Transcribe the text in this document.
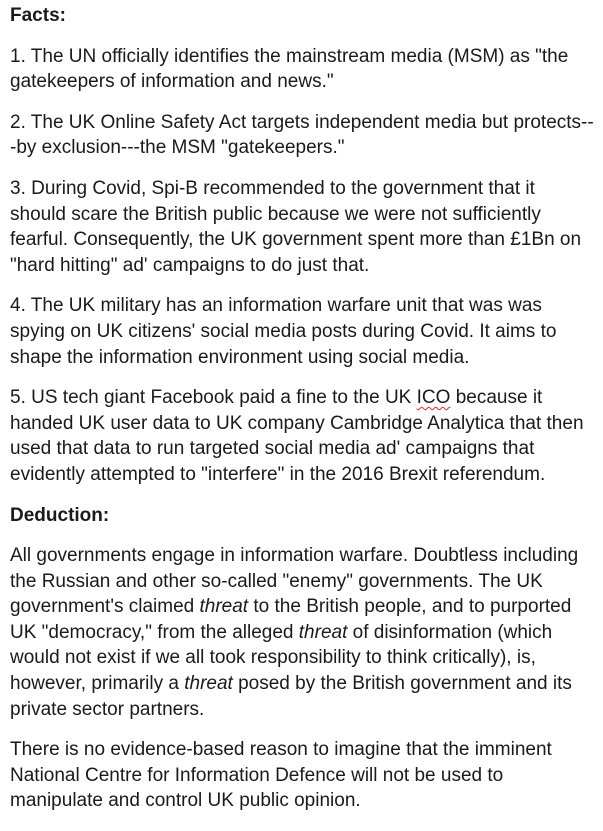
Facts:

1. The UN officially identifies the mainstream media (MSM) as "the gatekeepers of information and news."

2. The UK Online Safety Act targets independent media but protects---by exclusion---the MSM "gatekeepers."

3. During Covid, Spi-B recommended to the government that it should scare the British public because we were not sufficiently fearful. Consequently, the UK government spent more than £1Bn on "hard hitting" ad' campaigns to do just that.

4. The UK military has an information warfare unit that was was spying on UK citizens' social media posts during Covid. It aims to shape the information environment using social media.

5. US tech giant Facebook paid a fine to the UK ICO because it handed UK user data to UK company Cambridge Analytica that then used that data to run targeted social media ad' campaigns that evidently attempted to "interfere" in the 2016 Brexit referendum.

Deduction:

All governments engage in information warfare. Doubtless including the Russian and other so-called "enemy" governments. The UK government's claimed threat to the British people, and to purported UK "democracy," from the alleged threat of disinformation (which would not exist if we all took responsibility to think critically), is, however, primarily a threat posed by the British government and its private sector partners.

There is no evidence-based reason to imagine that the imminent National Centre for Information Defence will not be used to manipulate and control UK public opinion.
